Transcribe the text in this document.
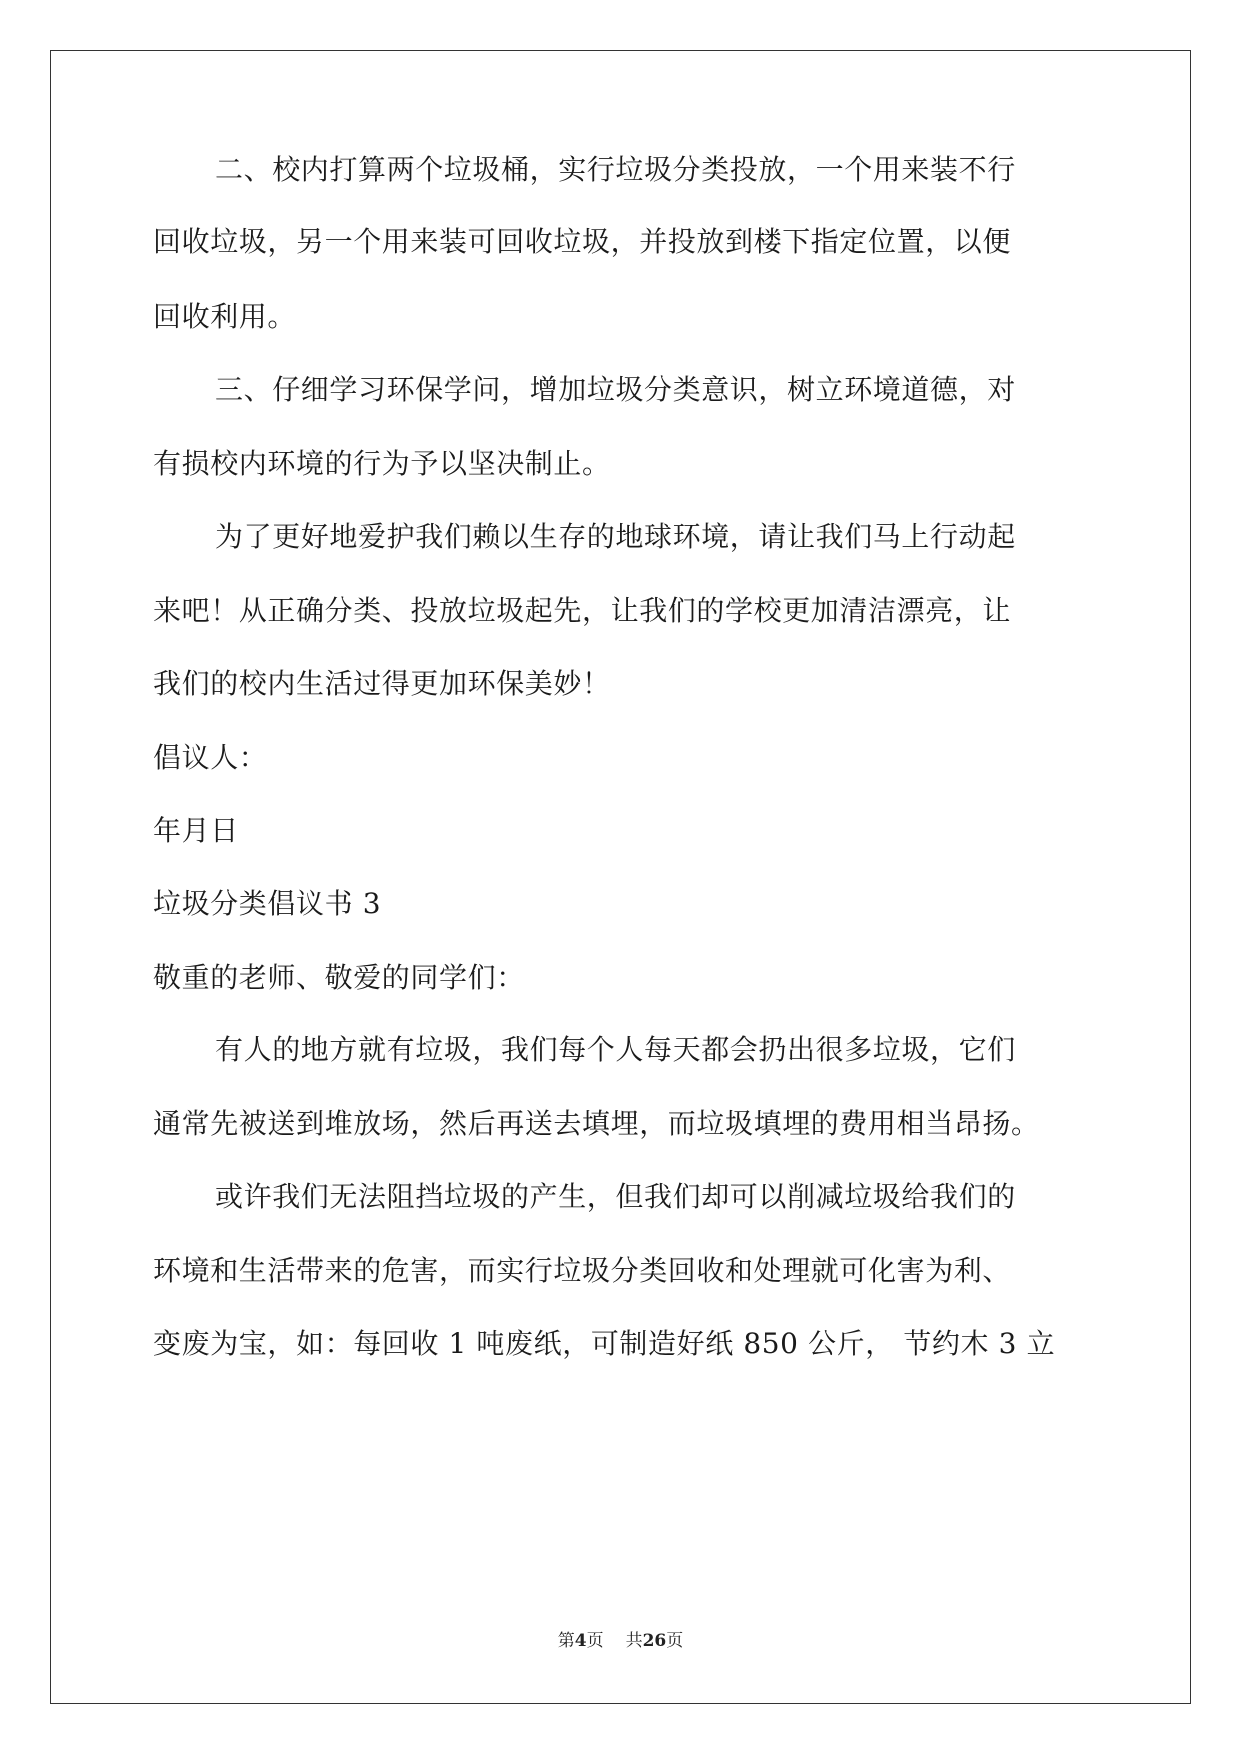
二、校内打算两个垃圾桶，实行垃圾分类投放，一个用来装不行
回收垃圾，另一个用来装可回收垃圾，并投放到楼下指定位置，以便
回收利用。
三、仔细学习环保学问，增加垃圾分类意识，树立环境道德，对
有损校内环境的行为予以坚决制止。
为了更好地爱护我们赖以生存的地球环境，请让我们马上行动起
来吧！从正确分类、投放垃圾起先，让我们的学校更加清洁漂亮，让
我们的校内生活过得更加环保美妙！
倡议人：
年月日
垃圾分类倡议书 3
敬重的老师、敬爱的同学们：
有人的地方就有垃圾，我们每个人每天都会扔出很多垃圾，它们
通常先被送到堆放场，然后再送去填埋，而垃圾填埋的费用相当昂扬。
或许我们无法阻挡垃圾的产生，但我们却可以削减垃圾给我们的
环境和生活带来的危害，而实行垃圾分类回收和处理就可化害为利、
变废为宝，如：每回收 1 吨废纸，可制造好纸 850 公斤， 节约木 3 立
第4页 共26页
